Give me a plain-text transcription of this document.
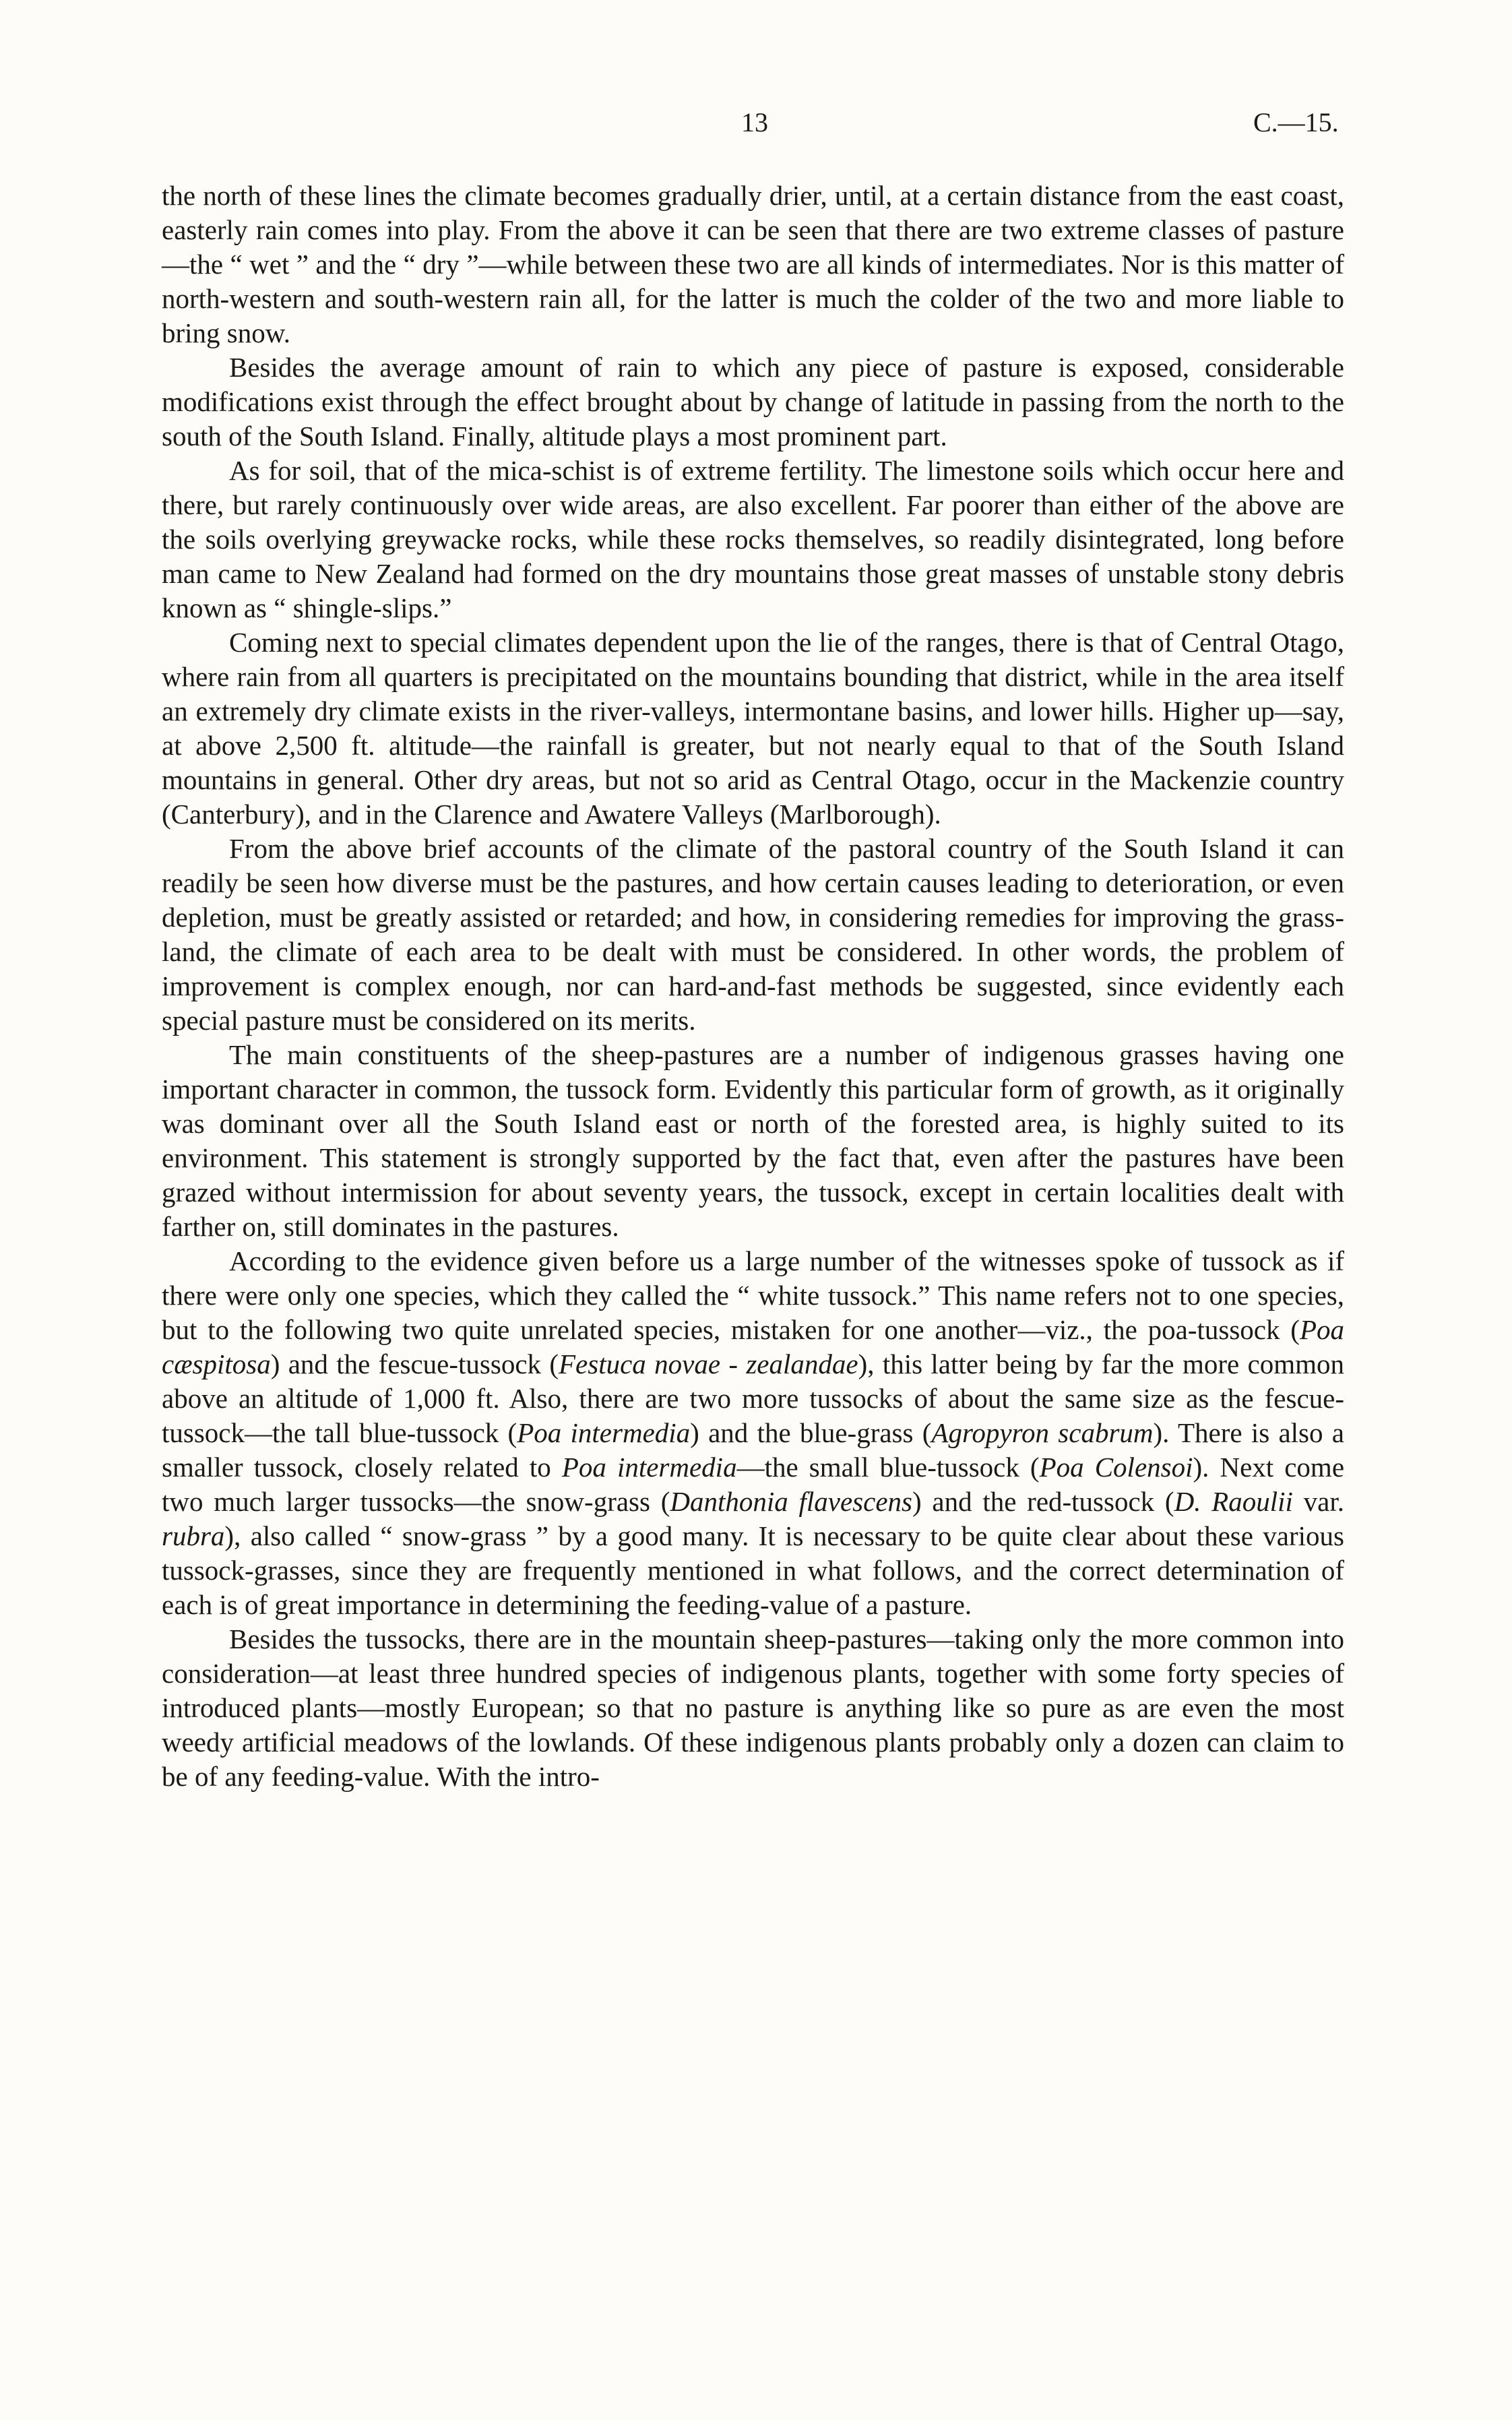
13	C.—15.

the north of these lines the climate becomes gradually drier, until, at a certain distance from the east coast, easterly rain comes into play. From the above it can be seen that there are two extreme classes of pasture—the “ wet ” and the “ dry ”—while between these two are all kinds of intermediates. Nor is this matter of north-western and south-western rain all, for the latter is much the colder of the two and more liable to bring snow.

Besides the average amount of rain to which any piece of pasture is exposed, considerable modifications exist through the effect brought about by change of latitude in passing from the north to the south of the South Island. Finally, altitude plays a most prominent part.

As for soil, that of the mica-schist is of extreme fertility. The limestone soils which occur here and there, but rarely continuously over wide areas, are also excellent. Far poorer than either of the above are the soils overlying greywacke rocks, while these rocks themselves, so readily disintegrated, long before man came to New Zealand had formed on the dry mountains those great masses of unstable stony debris known as “ shingle-slips.”

Coming next to special climates dependent upon the lie of the ranges, there is that of Central Otago, where rain from all quarters is precipitated on the mountains bounding that district, while in the area itself an extremely dry climate exists in the river-valleys, intermontane basins, and lower hills. Higher up—say, at above 2,500 ft. altitude—the rainfall is greater, but not nearly equal to that of the South Island mountains in general. Other dry areas, but not so arid as Central Otago, occur in the Mackenzie country (Canterbury), and in the Clarence and Awatere Valleys (Marlborough).

From the above brief accounts of the climate of the pastoral country of the South Island it can readily be seen how diverse must be the pastures, and how certain causes leading to deterioration, or even depletion, must be greatly assisted or retarded; and how, in considering remedies for improving the grass-land, the climate of each area to be dealt with must be considered. In other words, the problem of improvement is complex enough, nor can hard-and-fast methods be suggested, since evidently each special pasture must be considered on its merits.

The main constituents of the sheep-pastures are a number of indigenous grasses having one important character in common, the tussock form. Evidently this particular form of growth, as it originally was dominant over all the South Island east or north of the forested area, is highly suited to its environment. This statement is strongly supported by the fact that, even after the pastures have been grazed without intermission for about seventy years, the tussock, except in certain localities dealt with farther on, still dominates in the pastures.

According to the evidence given before us a large number of the witnesses spoke of tussock as if there were only one species, which they called the “ white tussock.” This name refers not to one species, but to the following two quite unrelated species, mistaken for one another—viz., the poa-tussock (Poa cæspitosa) and the fescue-tussock (Festuca novae - zealandae), this latter being by far the more common above an altitude of 1,000 ft. Also, there are two more tussocks of about the same size as the fescue-tussock—the tall blue-tussock (Poa intermedia) and the blue-grass (Agropyron scabrum). There is also a smaller tussock, closely related to Poa intermedia—the small blue-tussock (Poa Colensoi). Next come two much larger tussocks—the snow-grass (Danthonia flavescens) and the red-tussock (D. Raoulii var. rubra), also called “ snow-grass ” by a good many. It is necessary to be quite clear about these various tussock-grasses, since they are frequently mentioned in what follows, and the correct determination of each is of great importance in determining the feeding-value of a pasture.

Besides the tussocks, there are in the mountain sheep-pastures—taking only the more common into consideration—at least three hundred species of indigenous plants, together with some forty species of introduced plants—mostly European; so that no pasture is anything like so pure as are even the most weedy artificial meadows of the lowlands. Of these indigenous plants probably only a dozen can claim to be of any feeding-value. With the intro-
